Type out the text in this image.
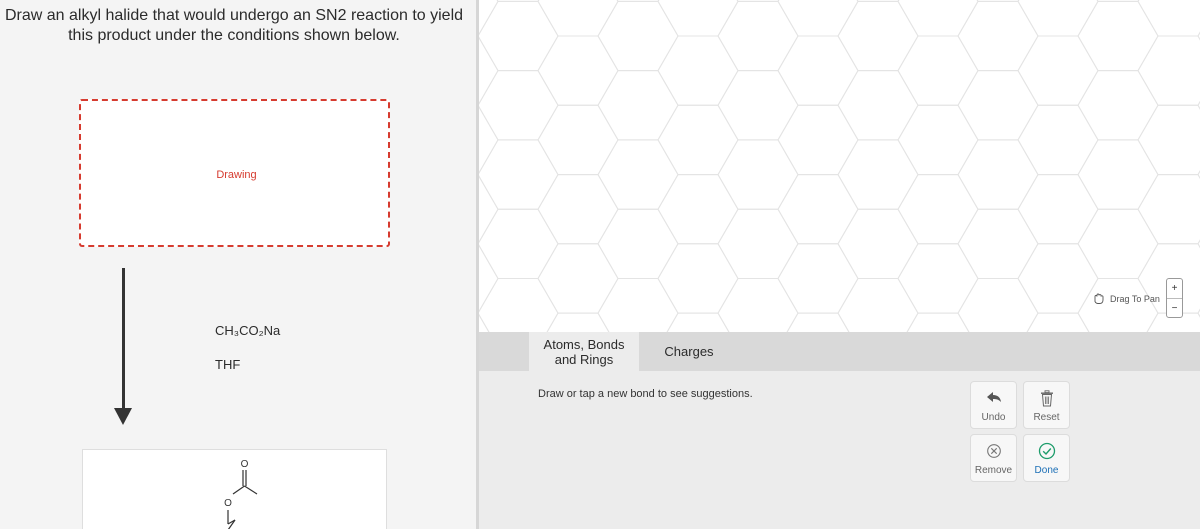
Draw an alkyl halide that would undergo an SN2 reaction to yield
this product under the conditions shown below.
Drawing
CH₃CO₂Na
THF
O
O
Drag To Pan
+
−
Atoms, Bonds
and Rings	Charges
Draw or tap a new bond to see suggestions.
Undo	Reset
Remove	Done
